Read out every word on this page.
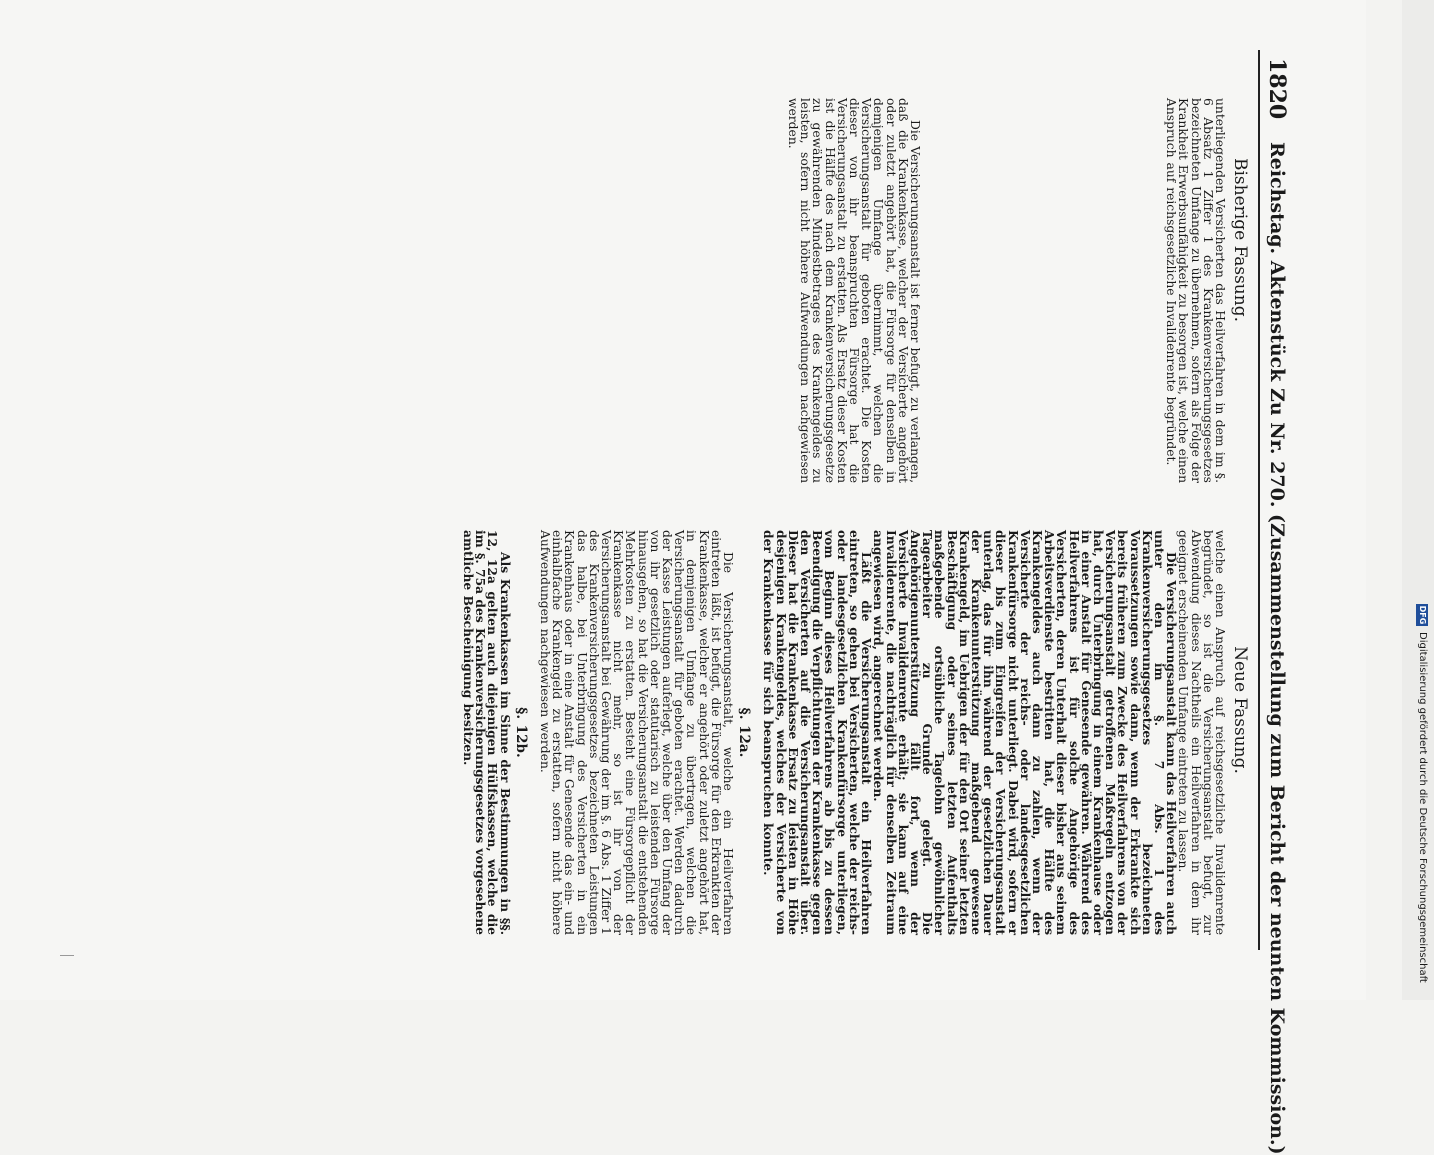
1820
Reichstag. Aktenstück Zu Nr. 270. (Zusammenstellung zum Bericht der neunten Kommission.)
Bisherige Fassung.
Neue Fassung.

unterliegenden Versicherten das Heilverfahren in dem im §. 6 Absatz 1 Ziffer 1 des Krankenversicherungsgesetzes bezeichneten Umfange zu übernehmen, sofern als Folge der Krankheit Erwerbsunfähigkeit zu besorgen ist, welche einen Anspruch auf reichsgesetzliche Invalidenrente begründet.

Die Versicherungsanstalt ist ferner befugt, zu verlangen, daß die Krankenkasse, welcher der Versicherte angehört oder zuletzt angehört hat, die Fürsorge für denselben in demjenigen Umfange übernimmt, welchen die Versicherungsanstalt für geboten erachtet. Die Kosten dieser von ihr beanspruchten Fürsorge hat die Versicherungsanstalt zu erstatten. Als Ersatz dieser Kosten ist die Hälfte des nach dem Krankenversicherungsgesetze zu gewährenden Mindestbetrages des Krankengeldes zu leisten, sofern nicht höhere Aufwendungen nachgewiesen werden.

welche einen Anspruch auf reichsgesetzliche Invalidenrente begründet, so ist die Versicherungsanstalt befugt, zur Abwendung dieses Nachtheils ein Heilverfahren in dem ihr geeignet erscheinenden Umfange eintreten zu lassen.

Die Versicherungsanstalt kann das Heilverfahren auch unter den im §. 7 Abs. 1 des Krankenversicherungsgesetzes bezeichneten Voraussetzungen sowie dann, wenn der Erkrankte sich bereits früheren zum Zwecke des Heilverfahrens von der Versicherungsanstalt getroffenen Maßregeln entzogen hat, durch Unterbringung in einem Krankenhause oder in einer Anstalt für Genesende gewähren. Während des Heilverfahrens ist für solche Angehörige des Versicherten, deren Unterhalt dieser bisher aus seinem Arbeitsverdienste bestritten hat, die Hälfte des Krankengeldes auch dann zu zahlen, wenn der Versicherte der reichs- oder landesgesetzlichen Krankenfürsorge nicht unterliegt. Dabei wird, sofern er dieser bis zum Eingreifen der Versicherungsanstalt unterlag, das für ihn während der gesetzlichen Dauer der Krankenunterstützung maßgebend gewesene Krankengeld, im Uebrigen der für den Ort seiner letzten Beschäftigung oder seines letzten Aufenthalts maßgebende ortsübliche Tagelohn gewöhnlicher Tagearbeiter zu Grunde gelegt. Die Angehörigenunterstützung fällt fort, wenn der Versicherte Invalidenrente erhält; sie kann auf eine Invalidenrente, die nachträglich für denselben Zeitraum angewiesen wird, angerechnet werden.

Läßt die Versicherungsanstalt ein Heilverfahren eintreten, so gehen bei Versicherten, welche der reichs- oder landesgesetzlichen Krankenfürsorge unterliegen, vom Beginn dieses Heilverfahrens ab bis zu dessen Beendigung die Verpflichtungen der Krankenkasse gegen den Versicherten auf die Versicherungsanstalt über. Dieser hat die Krankenkasse Ersatz zu leisten in Höhe desjenigen Krankengeldes, welches der Versicherte von der Krankenkasse für sich beanspruchen konnte.

§. 12a.

Die Versicherungsanstalt, welche ein Heilverfahren eintreten läßt, ist befugt, die Fürsorge für den Erkrankten der Krankenkasse, welcher er angehört oder zuletzt angehört hat, in demjenigen Umfange zu übertragen, welchen die Versicherungsanstalt für geboten erachtet. Werden dadurch der Kasse Leistungen auferlegt, welche über den Umfang der von ihr gesetzlich oder statutarisch zu leistenden Fürsorge hinausgehen, so hat die Versicherungsanstalt die entstehenden Mehrkosten zu erstatten. Besteht eine Fürsorgepflicht der Krankenkasse nicht mehr, so ist ihr von der Versicherungsanstalt bei Gewährung der im §. 6 Abs. 1 Ziffer 1 des Krankenversicherungsgesetzes bezeichneten Leistungen das halbe, bei Unterbringung des Versicherten in ein Krankenhaus oder in eine Anstalt für Genesende das ein- und einhalbfache Krankengeld zu erstatten, sofern nicht höhere Aufwendungen nachgewiesen werden.

§. 12b.

Als Krankenkassen im Sinne der Bestimmungen in §§. 12, 12a gelten auch diejenigen Hülfskassen, welche die im §. 75a des Krankenversicherungsgesetzes vorgesehene amtliche Bescheinigung besitzen.	DFG
Digitalisierung gefördert durch die Deutsche Forschungsgemeinschaft
